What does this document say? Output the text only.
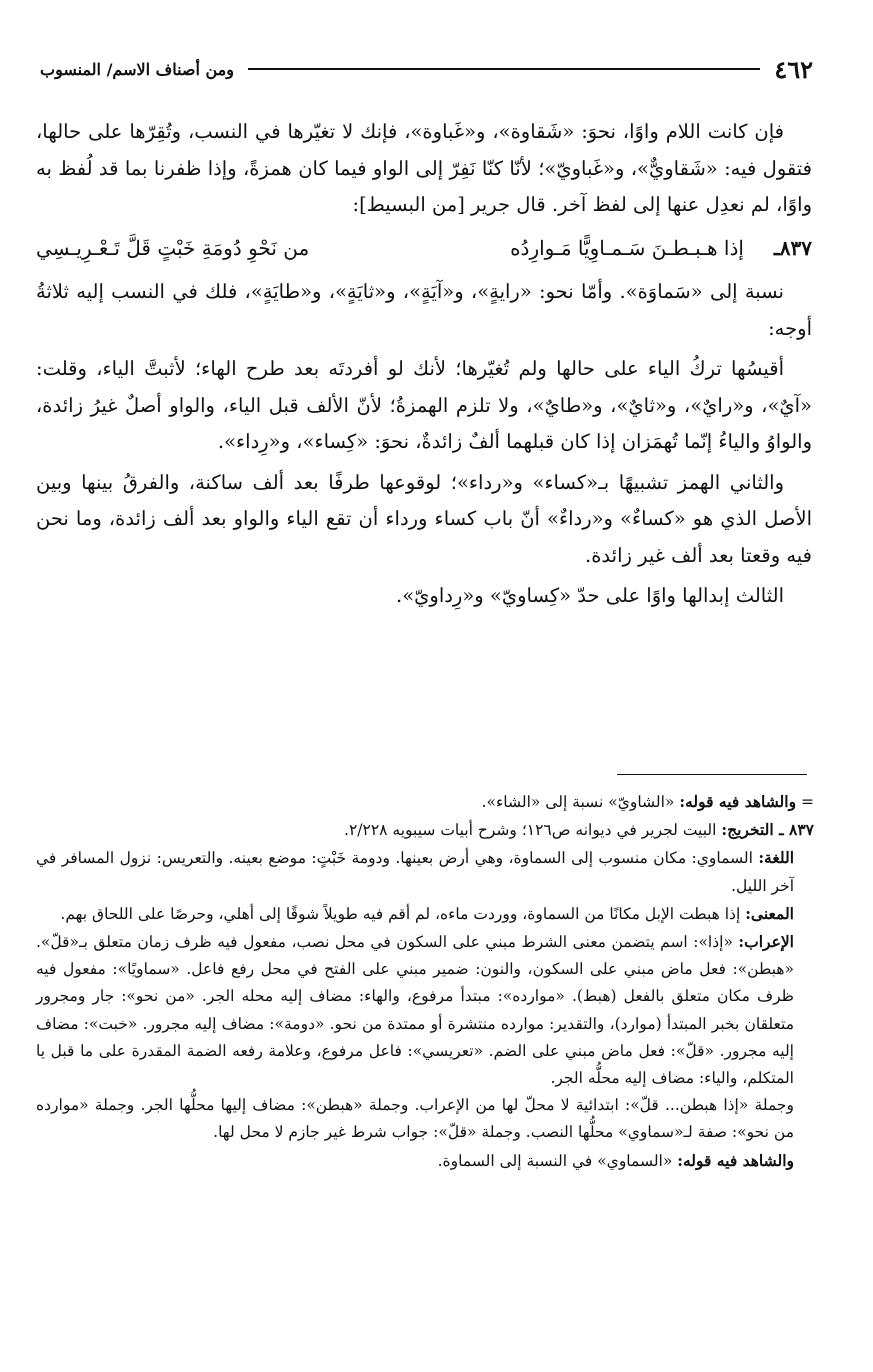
٤٦٢
ومن أصناف الاسم/ المنسوب

فإن كانت اللام واوًا، نحوَ: «شَقاوة»، و«غَباوة»، فإنك لا تغيّرها في النسب، وتُقِرّها على حالها، فتقول فيه: «شَقاويٌّ»، و«غَباويّ»؛ لأنّا كنّا نَفِرّ إلى الواو فيما كان همزةً، وإذا ظفرنا بما قد لُفظ به واوًا، لم نعدِل عنها إلى لفظ آخر. قال جرير [من البسيط]:

٨٣٧ـ
إذا هـبـطـنَ سَـمـاوِيًّا مَـوارِدُه
من نَحْوِ دُومَةِ خَبْتٍ قَلَّ تَـعْـرِيـسِي

نسبة إلى «سَماوَة». وأمّا نحو: «رايةٍ»، و«آيَةٍ»، و«ثايَةٍ»، و«طايَةٍ»، فلك في النسب إليه ثلاثةُ أوجه:

أقيسُها تركُ الياء على حالها ولم تُغيّرها؛ لأنك لو أفردتَه بعد طرح الهاء؛ لأثبتَّ الياء، وقلت: «آيٌ»، و«رايٌ»، و«ثايٌ»، و«طايٌ»، ولا تلزم الهمزةُ؛ لأنّ الألف قبل الياء، والواو أصلٌ غيرُ زائدة، والواوُ والياءُ إنّما تُهمَزان إذا كان قبلهما ألفٌ زائدةٌ، نحوَ: «كِساء»، و«رِداء».

والثاني الهمز تشبيهًا بـ«كساء» و«رداء»؛ لوقوعها طرفًا بعد ألف ساكنة، والفرقُ بينها وبين الأصل الذي هو «كساءٌ» و«رداءٌ» أنّ باب كساء ورداء أن تقع الياء والواو بعد ألف زائدة، وما نحن فيه وقعتا بعد ألف غير زائدة.

الثالث إبدالها واوًا على حدّ «كِساويّ» و«رِداويّ».

= والشاهد فيه قوله: «الشاويّ» نسبة إلى «الشاء».

٨٣٧ ـ التخريج: البيت لجرير في ديوانه ص١٢٦؛ وشرح أبيات سيبويه ٢/٢٢٨.

اللغة: السماوي: مكان منسوب إلى السماوة، وهي أرض بعينها. ودومة خَبْتٍ: موضع بعينه. والتعريس: نزول المسافر في آخر الليل.

المعنى: إذا هبطت الإبل مكانًا من السماوة، ووردت ماءه، لم أقم فيه طويلاً شوقًا إلى أهلي، وحرصًا على اللحاق بهم.

الإعراب: «إذا»: اسم يتضمن معنى الشرط مبني على السكون في محل نصب، مفعول فيه ظرف زمان متعلق بـ«قلّ». «هبطن»: فعل ماض مبني على السكون، والنون: ضمير مبني على الفتح في محل رفع فاعل. «سماويًا»: مفعول فيه ظرف مكان متعلق بالفعل (هبط). «موارده»: مبتدأ مرفوع، والهاء: مضاف إليه محله الجر. «من نحو»: جار ومجرور متعلقان بخبر المبتدأ (موارد)، والتقدير: موارده منتشرة أو ممتدة من نحو. «دومة»: مضاف إليه مجرور. «خبت»: مضاف إليه مجرور. «قلّ»: فعل ماض مبني على الضم. «تعريسي»: فاعل مرفوع، وعلامة رفعه الضمة المقدرة على ما قبل يا المتكلم، والياء: مضاف إليه محلُّه الجر.

وجملة «إذا هبطن... قلّ»: ابتدائية لا محلّ لها من الإعراب. وجملة «هبطن»: مضاف إليها محلُّها الجر. وجملة «موارده من نحو»: صفة لـ«سماوي» محلُّها النصب. وجملة «قلّ»: جواب شرط غير جازم لا محل لها.

والشاهد فيه قوله: «السماوي» في النسبة إلى السماوة.
